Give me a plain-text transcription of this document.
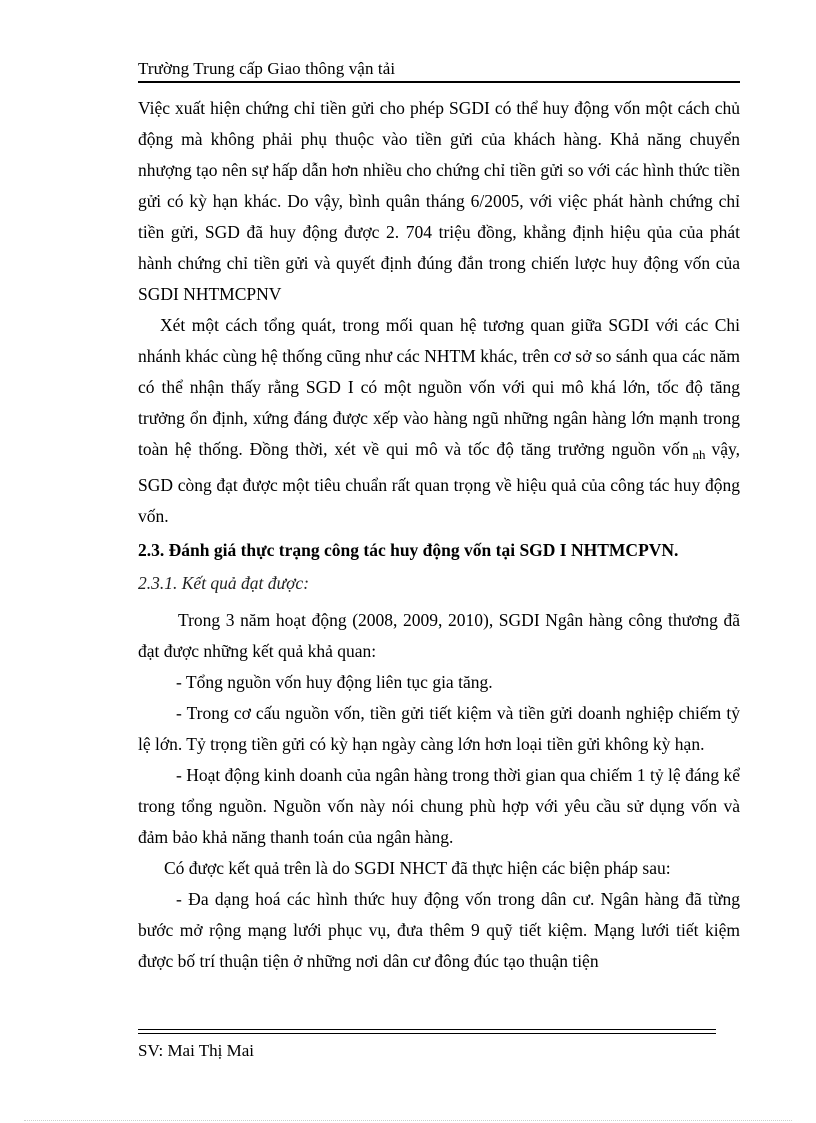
Trường Trung cấp Giao thông vận tải

Việc xuất hiện chứng chỉ tiền gửi cho phép SGDI có thể huy động vốn một cách chủ động mà không phải phụ thuộc vào tiền gửi của khách hàng. Khả năng chuyển nhượng tạo nên sự hấp dẫn hơn nhiều cho chứng chỉ tiền gửi so với các hình thức tiền gửi có kỳ hạn khác. Do vậy, bình quân tháng 6/2005, với việc phát hành chứng chỉ tiền gửi, SGD đã huy động được 2. 704 triệu đồng, khẳng định hiệu qủa của phát hành chứng chỉ tiền gửi và quyết định đúng đắn trong chiến lược huy động vốn của SGDI NHTMCPNV

Xét một cách tổng quát, trong mối quan hệ tương quan giữa SGDI với các Chi nhánh khác cùng hệ thống cũng như các NHTM khác, trên cơ sở so sánh qua các năm có thể nhận thấy rằng SGD I có một nguồn vốn với qui mô khá lớn, tốc độ tăng trưởng ổn định, xứng đáng được xếp vào hàng ngũ những ngân hàng lớn mạnh trong toàn hệ thống. Đồng thời, xét về qui mô và tốc độ tăng trưởng nguồn vốn $_{nh}$ vậy, SGD còng đạt được một tiêu chuẩn rất quan trọng về hiệu quả của công tác huy động vốn.

2.3. Đánh giá thực trạng công tác huy động vốn tại SGD I NHTMCPVN.

2.3.1. Kết quả đạt được:

Trong 3 năm hoạt động (2008, 2009, 2010), SGDI Ngân hàng công thương đã đạt được những kết quả khả quan:

- Tổng nguồn vốn huy động liên tục gia tăng.

- Trong cơ cấu nguồn vốn, tiền gửi tiết kiệm và tiền gửi doanh nghiệp chiếm tỷ lệ lớn. Tỷ trọng tiền gửi có kỳ hạn ngày càng lớn hơn loại tiền gửi không kỳ hạn.

- Hoạt động kinh doanh của ngân hàng trong thời gian qua chiếm 1 tỷ lệ đáng kể trong tổng nguồn. Nguồn vốn này nói chung phù hợp với yêu cầu sử dụng vốn và đảm bảo khả năng thanh toán của ngân hàng.

Có được kết quả trên là do SGDI NHCT đã thực hiện các biện pháp sau:

- Đa dạng hoá các hình thức huy động vốn trong dân cư. Ngân hàng đã từng bước mở rộng mạng lưới phục vụ, đưa thêm 9 quỹ tiết kiệm. Mạng lưới tiết kiệm được bố trí thuận tiện ở những nơi dân cư đông đúc tạo thuận tiện

SV: Mai Thị Mai
